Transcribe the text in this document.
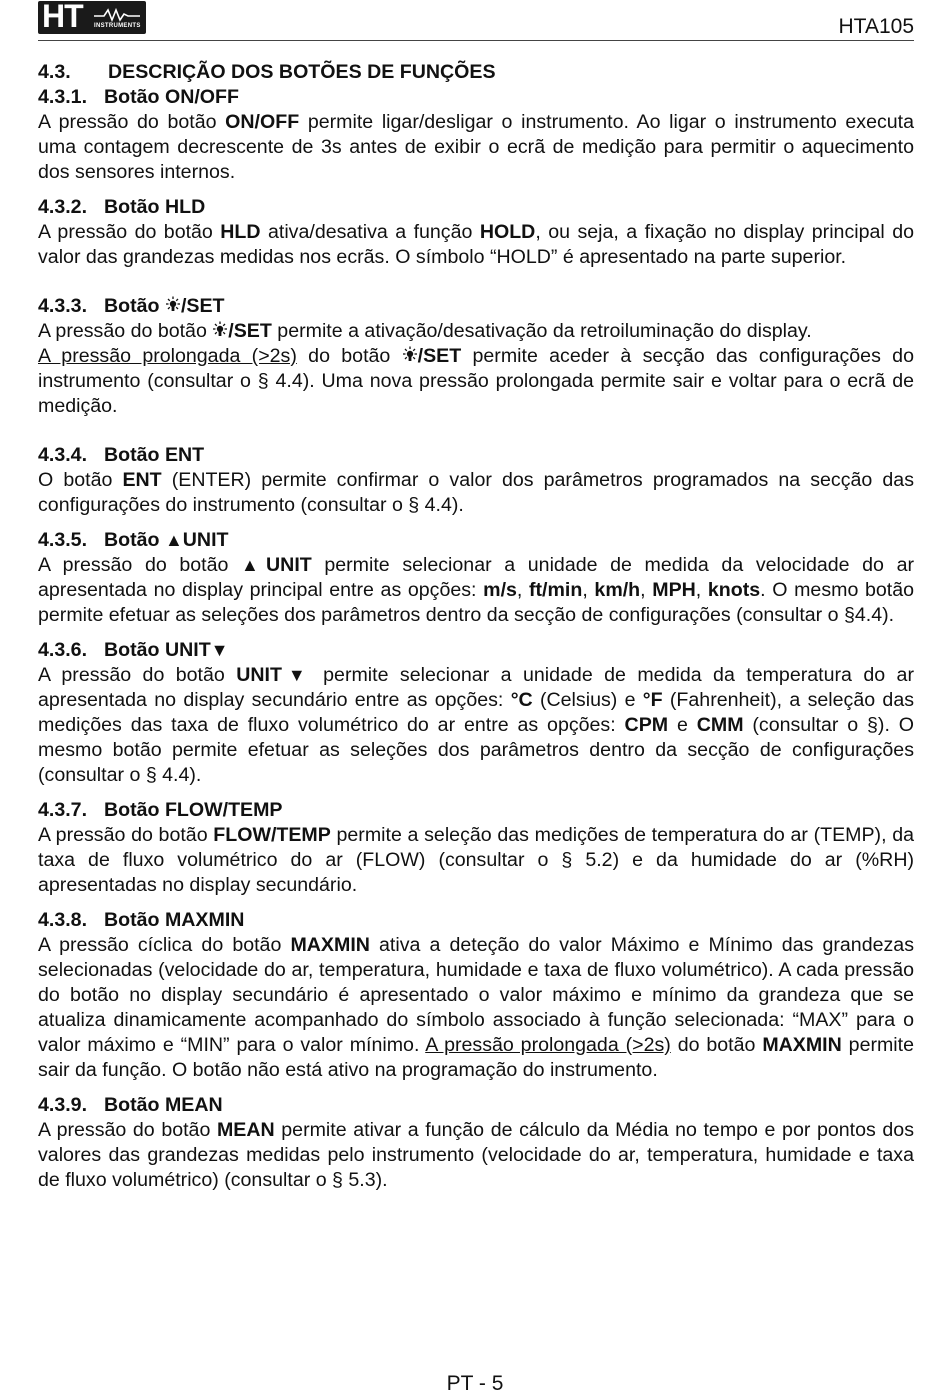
HT INSTRUMENTS	HTA105
4.3. DESCRIÇÃO DOS BOTÕES DE FUNÇÕES
4.3.1. Botão ON/OFF

A pressão do botão ON/OFF permite ligar/desligar o instrumento. Ao ligar o instrumento executa uma contagem decrescente de 3s antes de exibir o ecrã de medição para permitir o aquecimento dos sensores internos.

4.3.2. Botão HLD

A pressão do botão HLD ativa/desativa a função HOLD, ou seja, a fixação no display principal do valor das grandezas medidas nos ecrãs. O símbolo “HOLD” é apresentado na parte superior.

4.3.3. Botão /SET

A pressão do botão /SET permite a ativação/desativação da retroiluminação do display.
A pressão prolongada (>2s) do botão /SET permite aceder à secção das configurações do instrumento (consultar o § 4.4). Uma nova pressão prolongada permite sair e voltar para o ecrã de medição.

4.3.4. Botão ENT

O botão ENT (ENTER) permite confirmar o valor dos parâmetros programados na secção das configurações do instrumento (consultar o § 4.4).

4.3.5. Botão ▲UNIT

A pressão do botão ▲UNIT permite selecionar a unidade de medida da velocidade do ar apresentada no display principal entre as opções: m/s, ft/min, km/h, MPH, knots. O mesmo botão permite efetuar as seleções dos parâmetros dentro da secção de configurações (consultar o §4.4).

4.3.6. Botão UNIT▼

A pressão do botão UNIT▼ permite selecionar a unidade de medida da temperatura do ar apresentada no display secundário entre as opções: °C (Celsius) e °F (Fahrenheit), a seleção das medições das taxa de fluxo volumétrico do ar entre as opções: CPM e CMM (consultar o §). O mesmo botão permite efetuar as seleções dos parâmetros dentro da secção de configurações (consultar o § 4.4).

4.3.7. Botão FLOW/TEMP

A pressão do botão FLOW/TEMP permite a seleção das medições de temperatura do ar (TEMP), da taxa de fluxo volumétrico do ar (FLOW) (consultar o § 5.2) e da humidade do ar (%RH) apresentadas no display secundário.

4.3.8. Botão MAXMIN

A pressão cíclica do botão MAXMIN ativa a deteção do valor Máximo e Mínimo das grandezas selecionadas (velocidade do ar, temperatura, humidade e taxa de fluxo volumétrico). A cada pressão do botão no display secundário é apresentado o valor máximo e mínimo da grandeza que se atualiza dinamicamente acompanhado do símbolo associado à função selecionada: “MAX” para o valor máximo e “MIN” para o valor mínimo. A pressão prolongada (>2s) do botão MAXMIN permite sair da função. O botão não está ativo na programação do instrumento.

4.3.9. Botão MEAN

A pressão do botão MEAN permite ativar a função de cálculo da Média no tempo e por pontos dos valores das grandezas medidas pelo instrumento (velocidade do ar, temperatura, humidade e taxa de fluxo volumétrico) (consultar o § 5.3).

PT - 5
